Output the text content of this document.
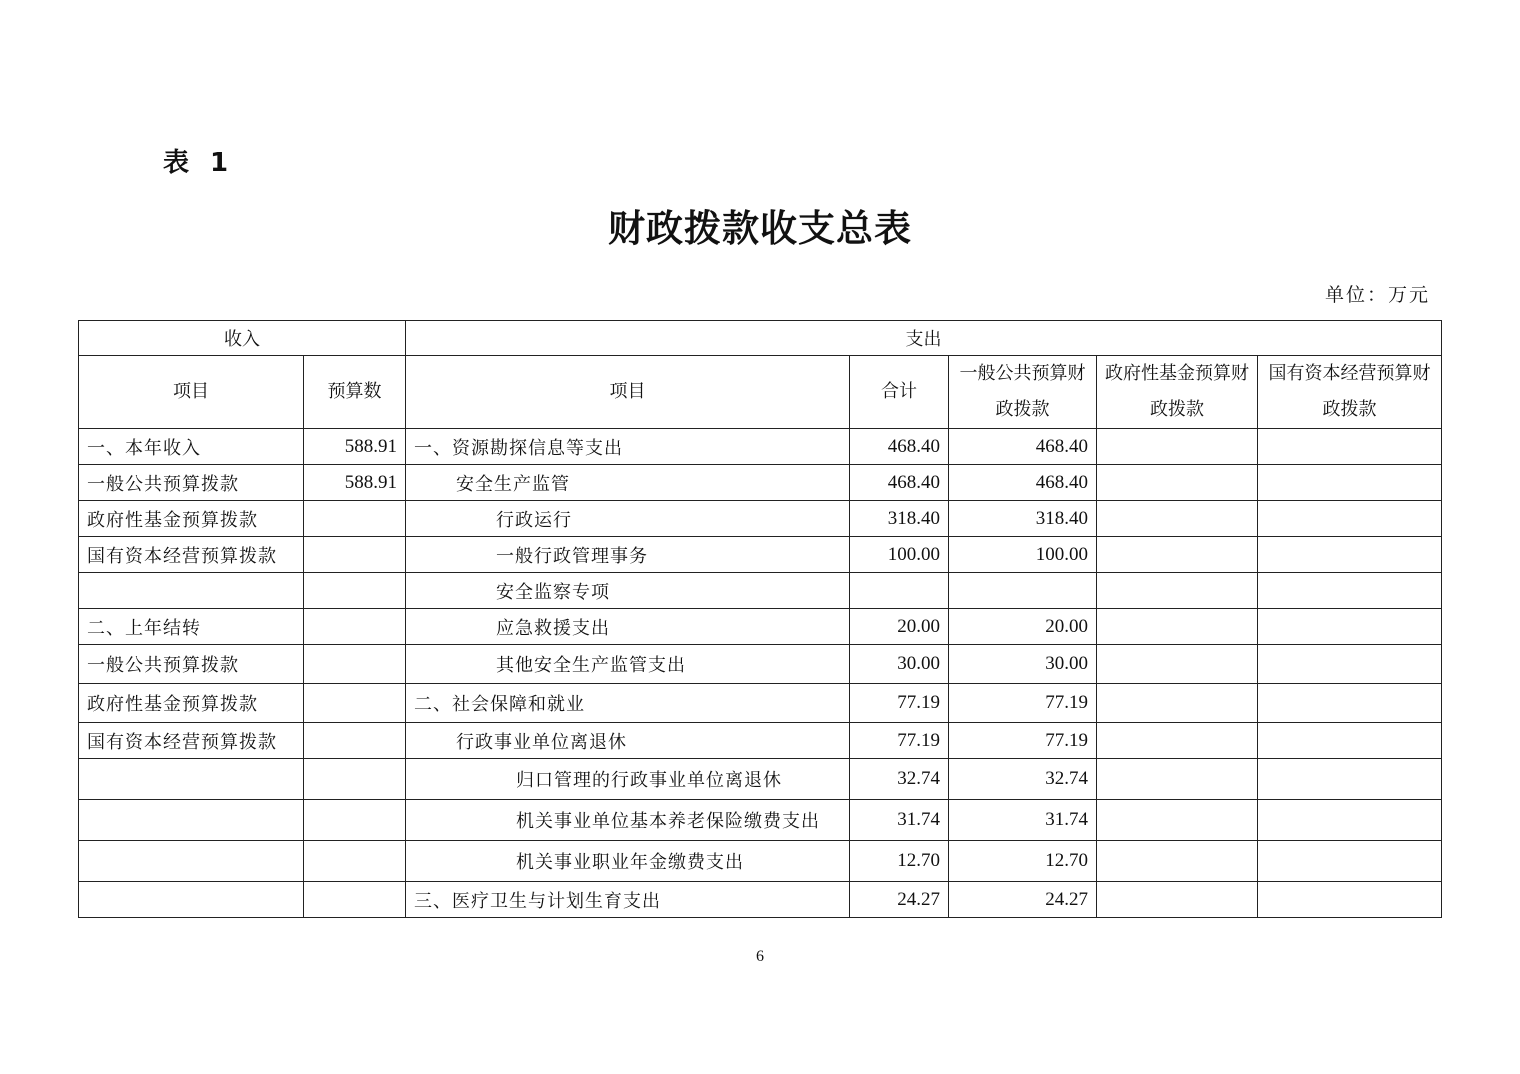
表 1
财政拨款收支总表
单位：万元
收入		支出				
项目	预算数	项目	合计	一般公共预算财政拨款	政府性基金预算财政拨款	国有资本经营预算财政拨款
一、本年收入	588.91	一、资源勘探信息等支出	468.40	468.40		
一般公共预算拨款	588.91	安全生产监管	468.40	468.40		
政府性基金预算拨款		行政运行	318.40	318.40		
国有资本经营预算拨款		一般行政管理事务	100.00	100.00		
		安全监察专项				
二、上年结转		应急救援支出	20.00	20.00		
一般公共预算拨款		其他安全生产监管支出	30.00	30.00		
政府性基金预算拨款		二、社会保障和就业	77.19	77.19		
国有资本经营预算拨款		行政事业单位离退休	77.19	77.19		
		归口管理的行政事业单位离退休	32.74	32.74		
		机关事业单位基本养老保险缴费支出	31.74	31.74		
		机关事业职业年金缴费支出	12.70	12.70		
		三、医疗卫生与计划生育支出	24.27	24.27		
6
